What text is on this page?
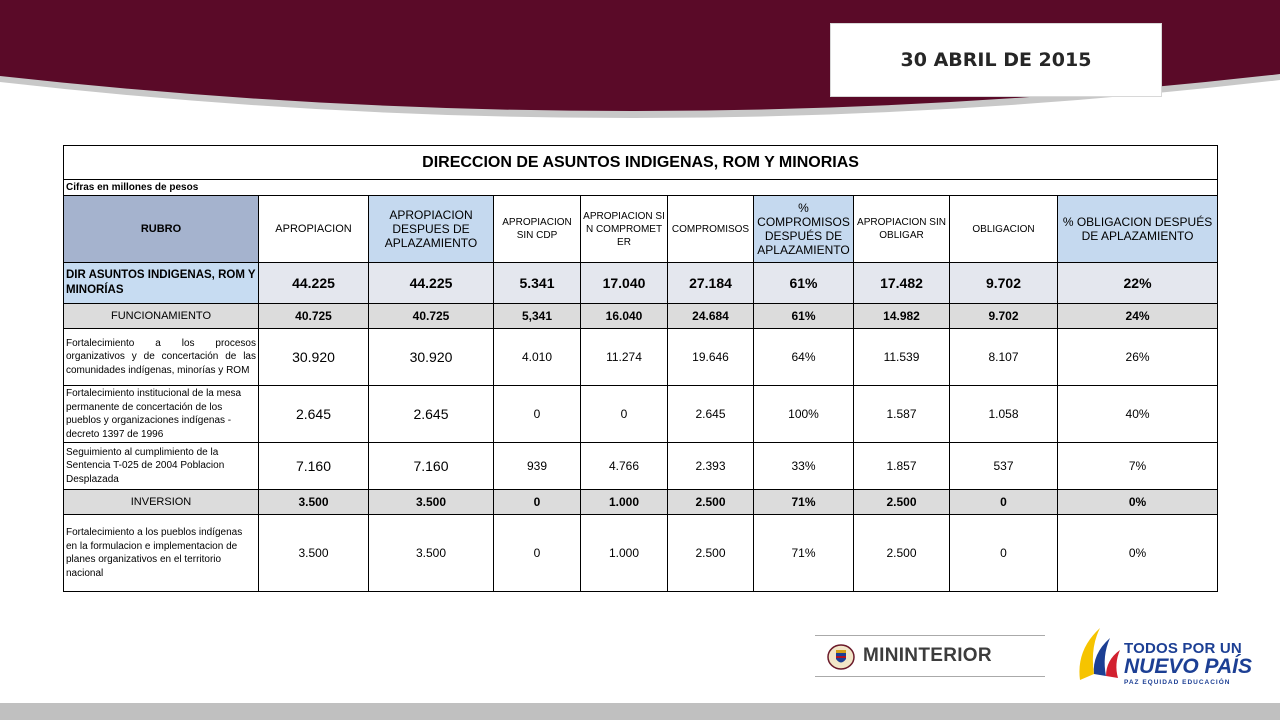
30 ABRIL DE 2015
DIRECCION DE ASUNTOS INDIGENAS, ROM Y MINORIAS									
Cifras en millones de pesos									
RUBRO	APROPIACION	APROPIACION DESPUES DE APLAZAMIENTO	APROPIACION SIN CDP	APROPIACION SIN COMPROMETER	COMPROMISOS	% COMPROMISOS DESPUÉS DE APLAZAMIENTO	APROPIACION SIN OBLIGAR	OBLIGACION	% OBLIGACION DESPUÉS DE APLAZAMIENTO
DIR ASUNTOS INDIGENAS, ROM Y MINORÍAS	44.225	44.225	5.341	17.040	27.184	61%	17.482	9.702	22%
FUNCIONAMIENTO	40.725	40.725	5,341	16.040	24.684	61%	14.982	9.702	24%
Fortalecimiento a los procesos organizativos y de concertación de las comunidades indígenas, minorías y ROM	30.920	30.920	4.010	11.274	19.646	64%	11.539	8.107	26%
Fortalecimiento institucional de la mesa permanente de concertación de los pueblos y organizaciones indígenas - decreto 1397 de 1996	2.645	2.645	0	0	2.645	100%	1.587	1.058	40%
Seguimiento al cumplimiento de la Sentencia T-025 de 2004 Poblacion Desplazada	7.160	7.160	939	4.766	2.393	33%	1.857	537	7%
INVERSION	3.500	3.500	0	1.000	2.500	71%	2.500	0	0%
Fortalecimiento a los pueblos indígenas en la formulacion e implementacion de planes organizativos en el territorio nacional	3.500	3.500	0	1.000	2.500	71%	2.500	0	0%
MININTERIOR	TODOS POR UN
NUEVO PAÍS
PAZ EQUIDAD EDUCACIÓN
